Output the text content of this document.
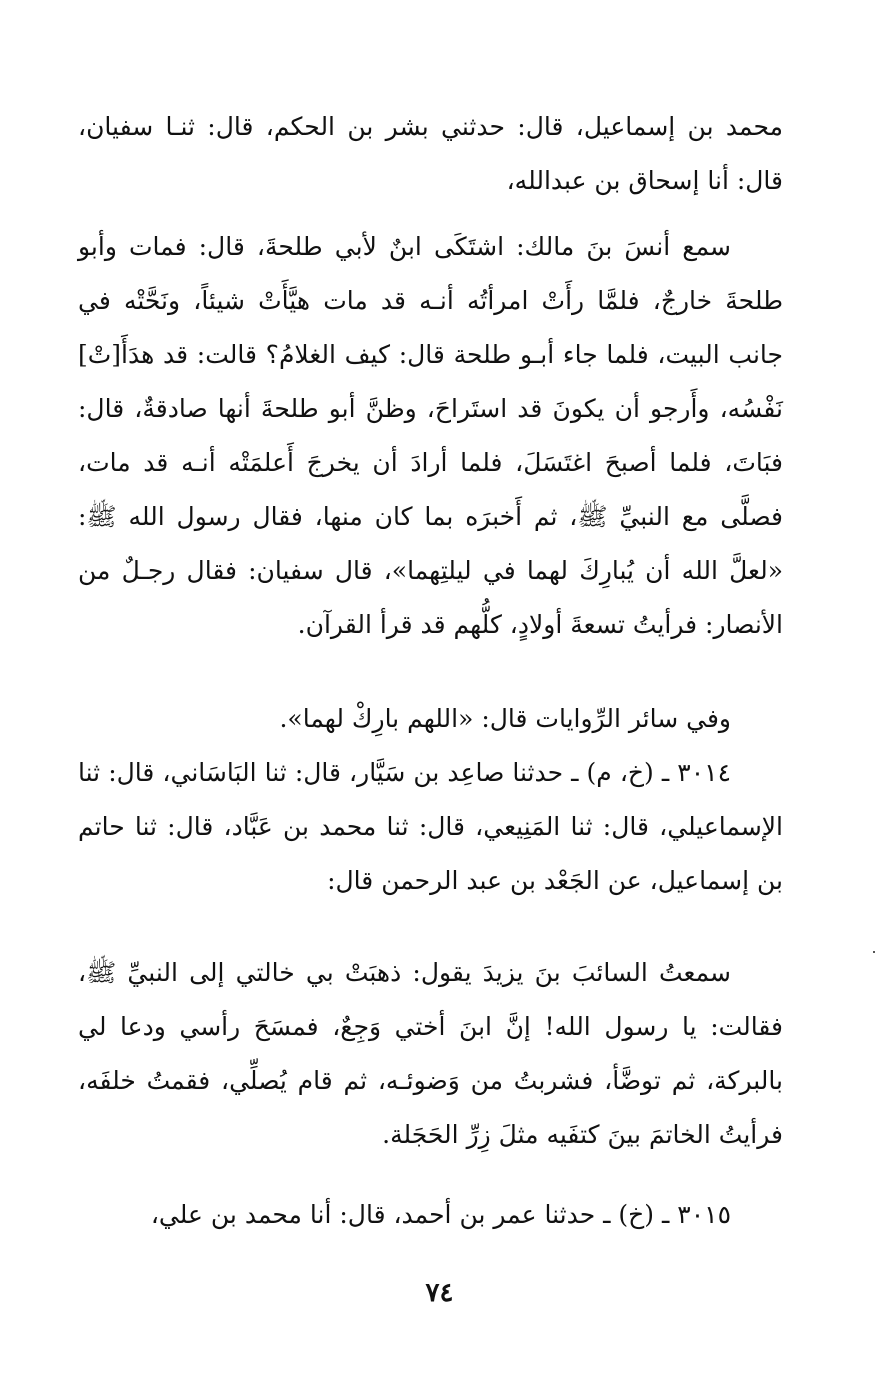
محمد بن إسماعيل، قال: حدثني بشر بن الحكم، قال: ثنـا سفيان، قال: أنا إسحاق بن عبدالله،

سمع أنسَ بنَ مالك: اشتَكَى ابنٌ لأبي طلحةَ، قال: فمات وأبو طلحةَ خارجٌ، فلمَّا رأَتْ امرأتُه أنـه قد مات هيَّأَتْ شيئاً، ونَحَّتْه في جانب البيت، فلما جاء أبـو طلحة قال: كيف الغلامُ؟ قالت: قد هدَأَ[تْ] نَفْسُه، وأَرجو أن يكونَ قد استَراحَ، وظنَّ أبو طلحةَ أنها صادقةٌ، قال: فبَاتَ، فلما أصبحَ اغتَسَلَ، فلما أرادَ أن يخرجَ أَعلمَتْه أنـه قد مات، فصلَّى مع النبيِّ ﷺ، ثم أَخبرَه بما كان منها، فقال رسول الله ﷺ: «لعلَّ الله أن يُبارِكَ لهما في ليلتِهما»، قال سفيان: فقال رجـلٌ من الأنصار: فرأيتُ تسعةَ أولادٍ، كلُّهم قد قرأ القرآن.

وفي سائر الرِّوايات قال: «اللهم بارِكْ لهما».

٣٠١٤ ـ (خ، م) ـ حدثنا صاعِد بن سَيَّار، قال: ثنا البَاسَاني، قال: ثنا الإسماعيلي، قال: ثنا المَنِيعي، قال: ثنا محمد بن عَبَّاد، قال: ثنا حاتم بن إسماعيل، عن الجَعْد بن عبد الرحمن قال:

سمعتُ السائبَ بنَ يزيدَ يقول: ذهبَتْ بي خالتي إلى النبيِّ ﷺ، فقالت: يا رسول الله! إنَّ ابنَ أختي وَجِعٌ، فمسَحَ رأسي ودعا لي بالبركة، ثم توضَّأ، فشربتُ من وَضوئـه، ثم قام يُصلِّي، فقمتُ خلفَه، فرأيتُ الخاتمَ بينَ كتفَيه مثلَ زِرِّ الحَجَلة.

٣٠١٥ ـ (خ) ـ حدثنا عمر بن أحمد، قال: أنا محمد بن علي،

٧٤
